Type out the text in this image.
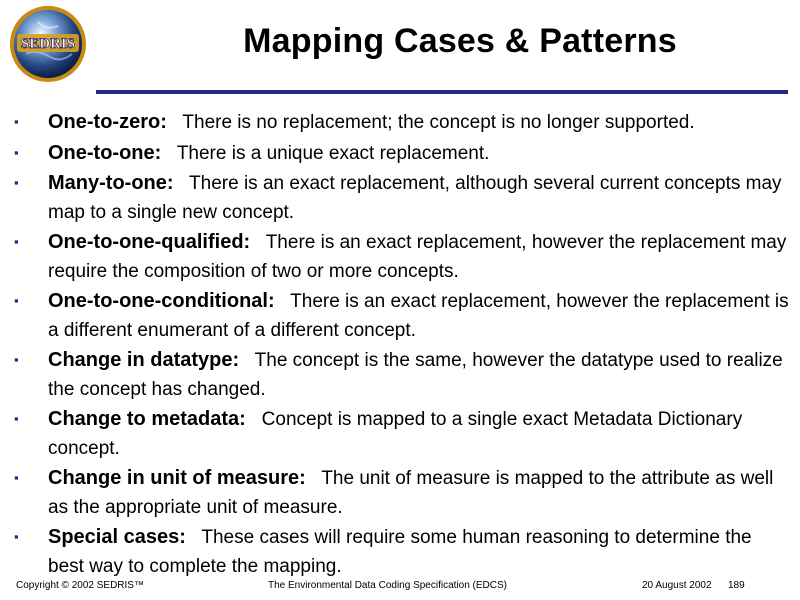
SEDRIS	Mapping Cases & Patterns
▪	One-to-zero: There is no replacement; the concept is no longer supported.
▪	One-to-one: There is a unique exact replacement.
▪	Many-to-one: There is an exact replacement, although several current concepts may map to a single new concept.
▪	One-to-one-qualified: There is an exact replacement, however the replacement may require the composition of two or more concepts.
▪	One-to-one-conditional: There is an exact replacement, however the replacement is a different enumerant of a different concept.
▪	Change in datatype: The concept is the same, however the datatype used to realize the concept has changed.
▪	Change to metadata: Concept is mapped to a single exact Metadata Dictionary concept.
▪	Change in unit of measure: The unit of measure is mapped to the attribute as well as the appropriate unit of measure.
▪	Special cases: These cases will require some human reasoning to determine the best way to complete the mapping.
Copyright © 2002 SEDRIS™	The Environmental Data Coding Specification (EDCS)	20 August 2002 189
